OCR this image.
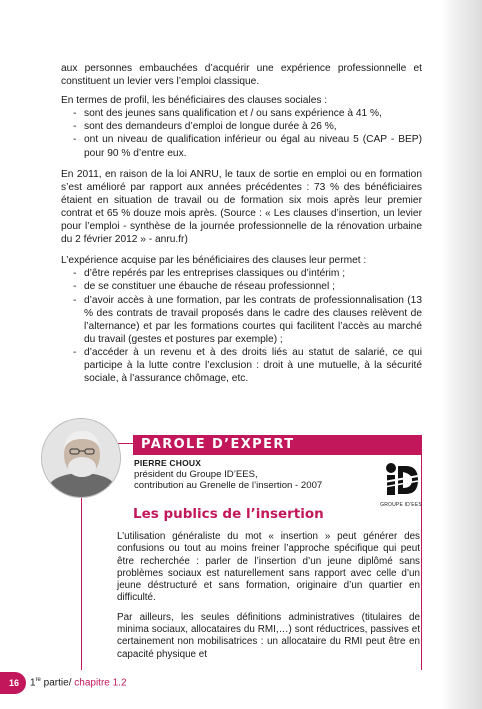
aux personnes embauchées d’acquérir une expérience professionnelle et constituent un levier vers l’emploi classique.

En termes de profil, les bénéficiaires des clauses sociales :

- sont des jeunes sans qualification et / ou sans expérience à 41 %,
- sont des demandeurs d’emploi de longue durée à 26 %,
- ont un niveau de qualification inférieur ou égal au niveau 5 (CAP - BEP) pour 90 % d’entre eux.

En 2011, en raison de la loi ANRU, le taux de sortie en emploi ou en formation s’est amélioré par rapport aux années précédentes : 73 % des bénéficiaires étaient en situation de travail ou de formation six mois après leur premier contrat et 65 % douze mois après. (Source : « Les clauses d’insertion, un levier pour l’emploi - synthèse de la journée professionnelle de la rénovation urbaine du 2 février 2012 » - anru.fr)

L’expérience acquise par les bénéficiaires des clauses leur permet :

- d’être repérés par les entreprises classiques ou d’intérim ;
- de se constituer une ébauche de réseau professionnel ;
- d’avoir accès à une formation, par les contrats de professionnalisation (13 % des contrats de travail proposés dans le cadre des clauses relèvent de l’alternance) et par les formations courtes qui facilitent l’accès au marché du travail (gestes et postures par exemple) ;
- d’accéder à un revenu et à des droits liés au statut de salarié, ce qui participe à la lutte contre l’exclusion : droit à une mutuelle, à la sécurité sociale, à l’assurance chômage, etc.
PAROLE D’EXPERT
PIERRE CHOUX
président du Groupe ID’EES,
contribution au Grenelle de l’insertion - 2007
GROUPE ID’EES
Les publics de l’insertion

L’utilisation généraliste du mot « insertion » peut générer des confusions ou tout au moins freiner l’approche spécifique qui peut être recherchée : parler de l’insertion d’un jeune diplômé sans problèmes sociaux est naturellement sans rapport avec celle d’un jeune déstructuré et sans formation, originaire d’un quartier en difficulté.

Par ailleurs, les seules définitions administratives (titulaires de minima sociaux, allocataires du RMI,…) sont réductrices, passives et certainement non mobilisatrices : un allocataire du RMI peut être en capacité physique et

16	1re partie/ chapitre 1.2
